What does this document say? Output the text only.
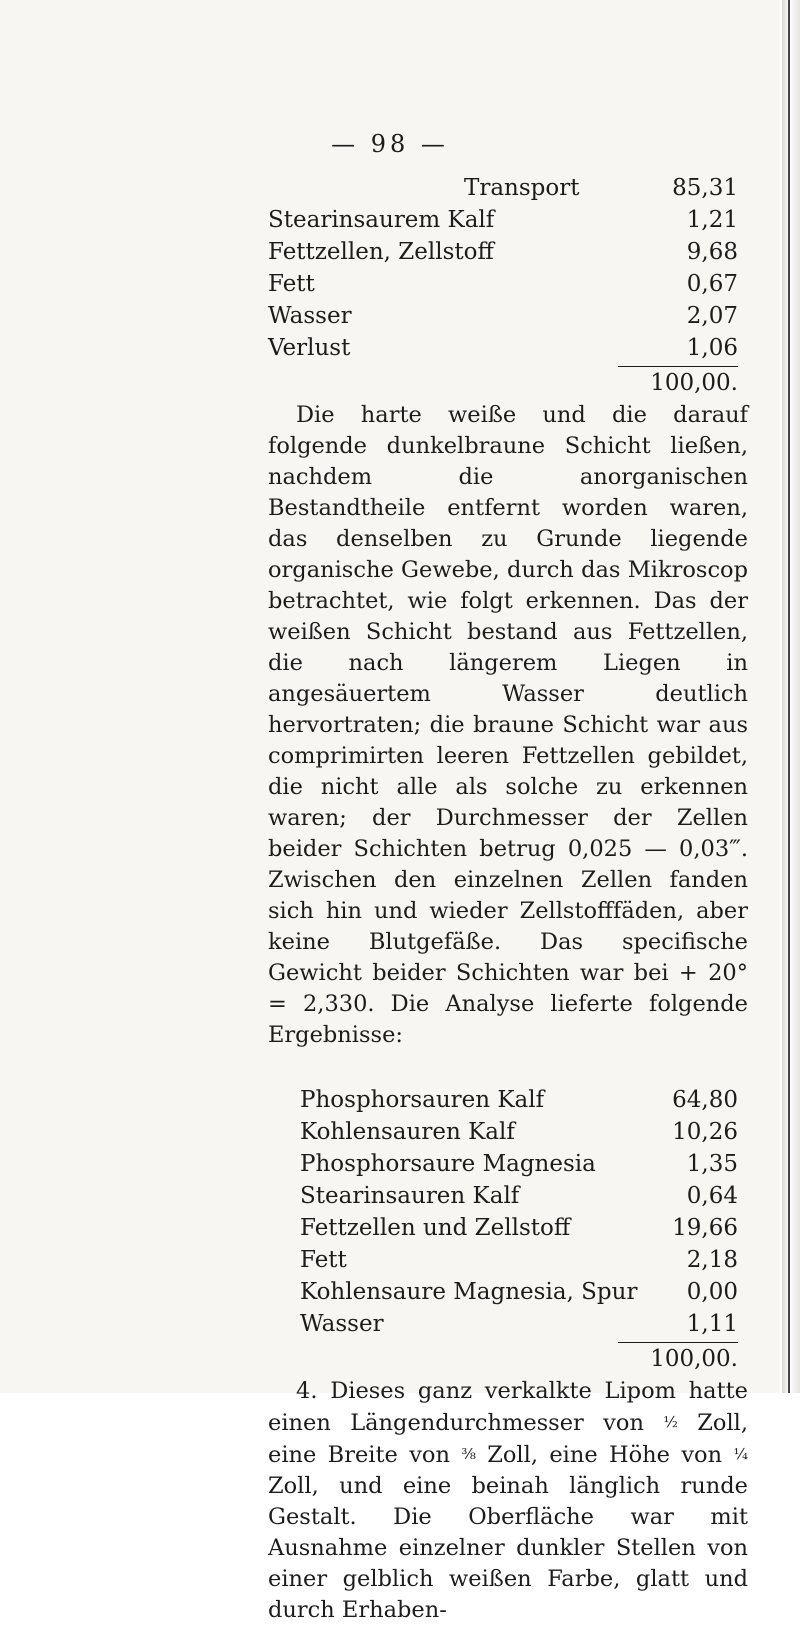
— 98 —
Transport	85,31
Stearinsaurem Kalf	1,21
Fettzellen, Zellstoff	9,68
Fett	0,67
Wasser	2,07
Verlust	1,06
100,00.

Die harte weiße und die darauf folgende dunkelbraune Schicht ließen, nachdem die anorganischen Bestandtheile entfernt worden waren, das denselben zu Grunde liegende organische Gewebe, durch das Mikroscop betrachtet, wie folgt erkennen. Das der weißen Schicht bestand aus Fettzellen, die nach längerem Liegen in angesäuertem Wasser deutlich hervortraten; die braune Schicht war aus comprimirten leeren Fettzellen gebildet, die nicht alle als solche zu erkennen waren; der Durchmesser der Zellen beider Schichten betrug 0,025 — 0,03‴. Zwischen den einzelnen Zellen fanden sich hin und wieder Zellstofffäden, aber keine Blutgefäße. Das specifische Gewicht beider Schichten war bei + 20° = 2,330. Die Analyse lieferte folgende Ergebnisse:

Phosphorsauren Kalf	64,80
Kohlensauren Kalf	10,26
Phosphorsaure Magnesia	1,35
Stearinsauren Kalf	0,64
Fettzellen und Zellstoff	19,66
Fett	2,18
Kohlensaure Magnesia, Spur	0,00
Wasser	1,11
100,00.

4. Dieses ganz verkalkte Lipom hatte einen Längendurchmesser von ½ Zoll, eine Breite von ⅜ Zoll, eine Höhe von ¼ Zoll, und eine beinah länglich runde Gestalt. Die Oberfläche war mit Ausnahme einzelner dunkler Stellen von einer gelblich weißen Farbe, glatt und durch Erhaben-
